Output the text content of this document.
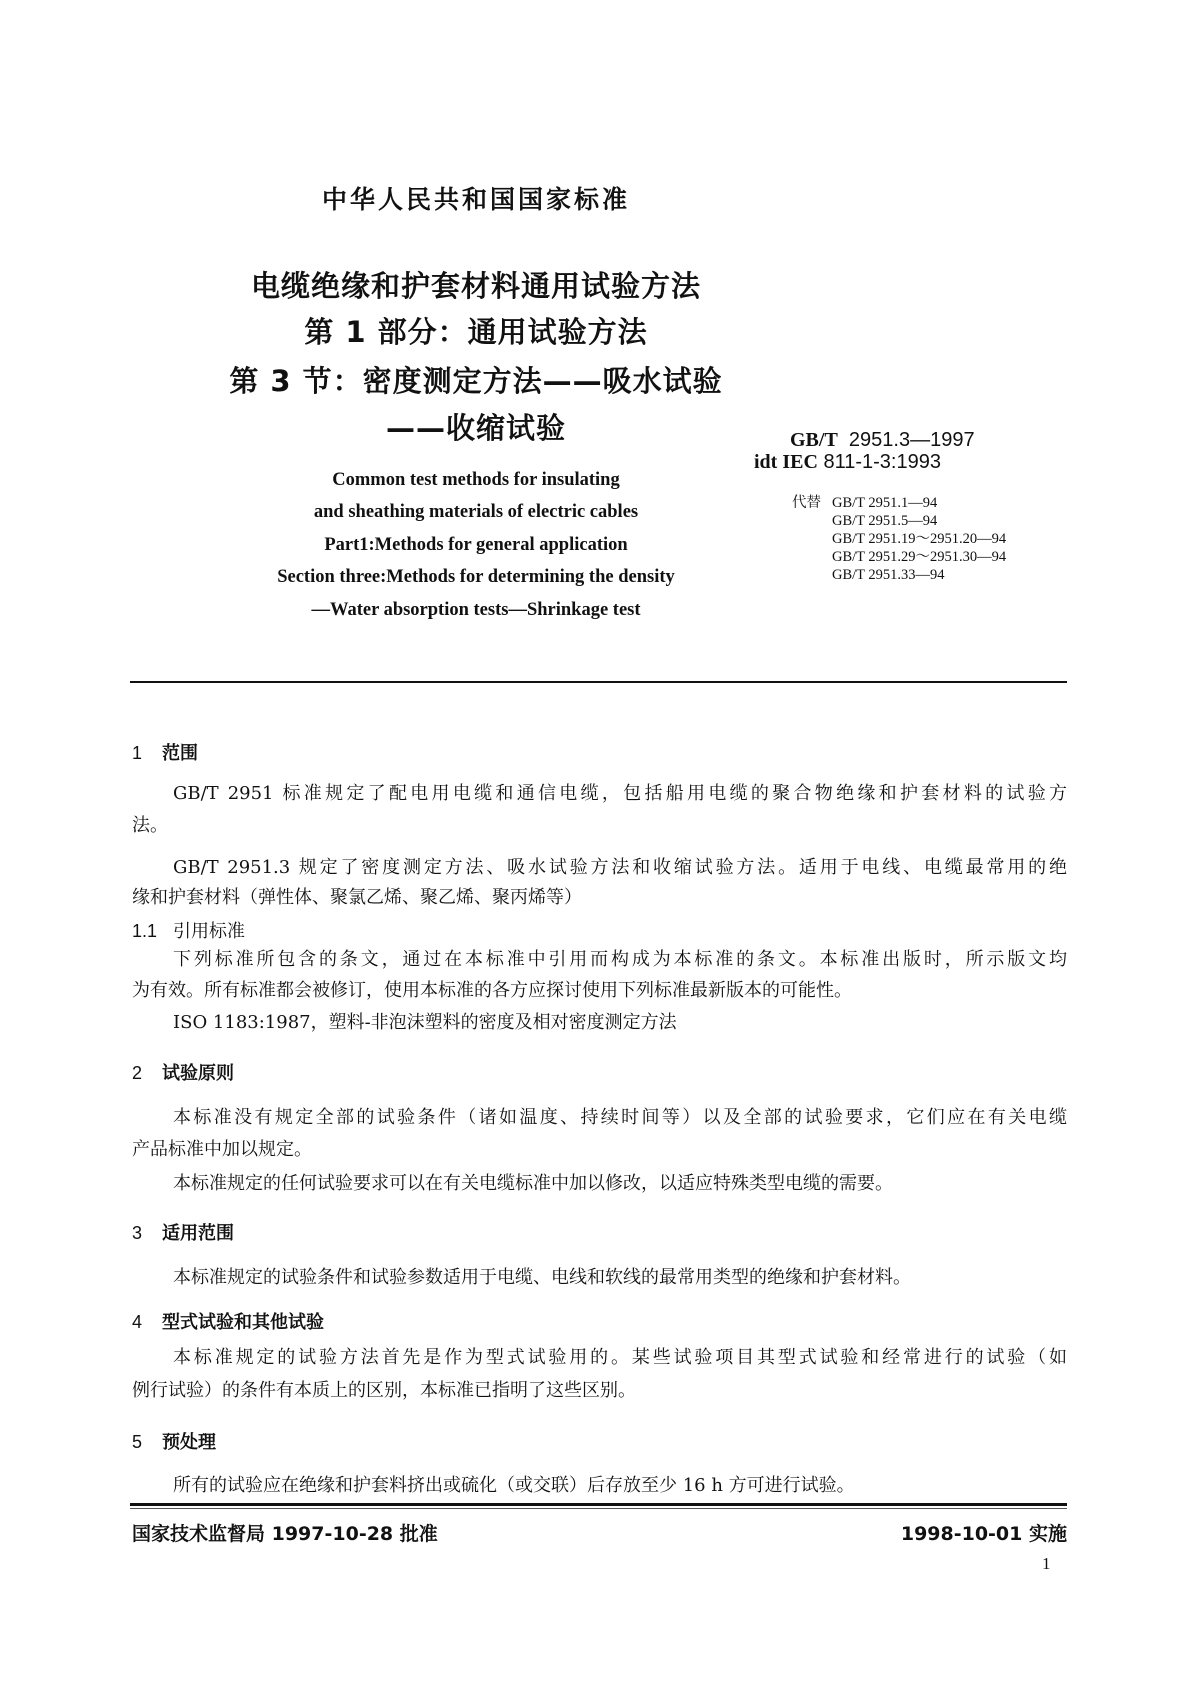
中华人民共和国国家标准
电缆绝缘和护套材料通用试验方法
第 1 部分：通用试验方法
第 3 节：密度测定方法——吸水试验
——收缩试验	GB/T 2951.3—1997
idt IEC 811-1-3:1993
代替 GB/T 2951.1—94
GB/T 2951.5—94
GB/T 2951.19～2951.20—94
GB/T 2951.29～2951.30—94
GB/T 2951.33—94
Common test methods for insulating
and sheathing materials of electric cables
Part1:Methods for general application
Section three:Methods for determining the density
—Water absorption tests—Shrinkage test
1 范围
GB/T 2951 标准规定了配电用电缆和通信电缆，包括船用电缆的聚合物绝缘和护套材料的试验方
法。
GB/T 2951.3 规定了密度测定方法、吸水试验方法和收缩试验方法。适用于电线、电缆最常用的绝
缘和护套材料（弹性体、聚氯乙烯、聚乙烯、聚丙烯等）
1.1 引用标准
下列标准所包含的条文，通过在本标准中引用而构成为本标准的条文。本标准出版时，所示版文均
为有效。所有标准都会被修订，使用本标准的各方应探讨使用下列标准最新版本的可能性。
ISO 1183:1987，塑料-非泡沫塑料的密度及相对密度测定方法
2 试验原则
本标准没有规定全部的试验条件（诸如温度、持续时间等）以及全部的试验要求，它们应在有关电缆
产品标准中加以规定。
本标准规定的任何试验要求可以在有关电缆标准中加以修改，以适应特殊类型电缆的需要。
3 适用范围
本标准规定的试验条件和试验参数适用于电缆、电线和软线的最常用类型的绝缘和护套材料。
4 型式试验和其他试验
本标准规定的试验方法首先是作为型式试验用的。某些试验项目其型式试验和经常进行的试验（如
例行试验）的条件有本质上的区别，本标准已指明了这些区别。
5 预处理
所有的试验应在绝缘和护套料挤出或硫化（或交联）后存放至少 16 h 方可进行试验。
国家技术监督局 1997-10-28 批准	1998-10-01 实施
1
